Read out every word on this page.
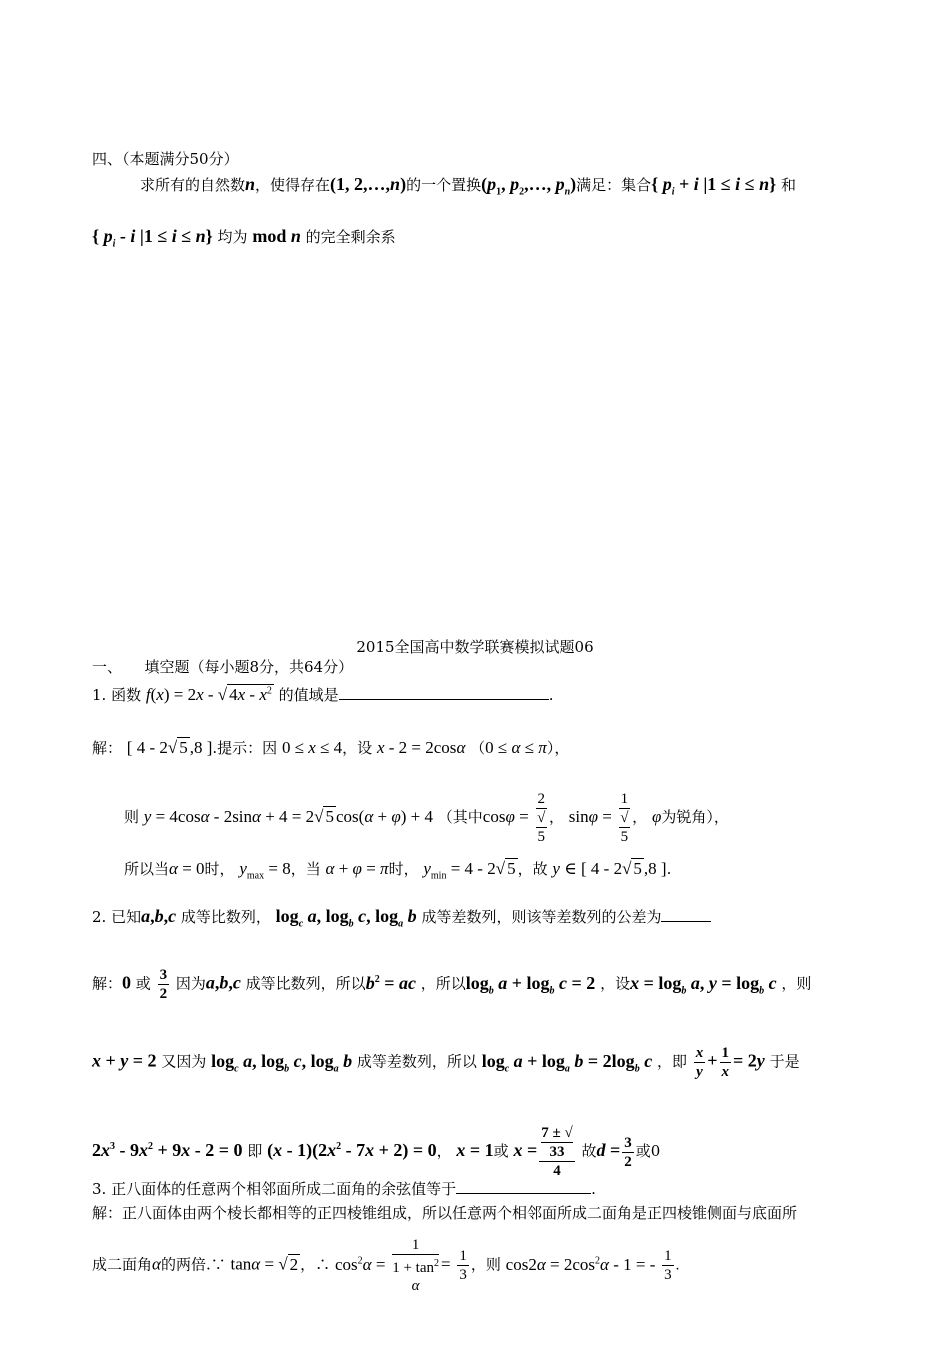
四、（本题满分50分）
求所有的自然数n，使得存在(1, 2,…,n)的一个置换($p_1$, $p_2,\dots$, $p_n$)满足：集合{ $p_i + i$ |1 ≤ i ≤ n} 和
{ $p_i$ - i |1 ≤ i ≤ n} 均为 mod n 的完全剩余系
2015全国高中数学联赛模拟试题06
一、　　填空题（每小题8分，共64分）
1. 函数 f(x) = 2x - √ $4x - x^2$ 的值域是	.
解： [ 4 - 2√ 5 ,8 ].提示：因 0 ≤ x ≤ 4，设 x - 2 = 2cosα （0 ≤ α ≤ π），
则 y = 4cosα - 2sinα + 4 = 2√ 5 cos(α + φ) + 4 （其中cosφ = 2
√
5 ， sinφ = 1
√
5 ， φ为锐角），
所以当α = 0时， $y_{max} = 8$，当 α + φ = π时， $y_{min} = 4 - 2√$ 5 ，故 y ∈ [ 4 - 2√ 5 ,8 ].
2. 已知a,b,c 成等比数列， $\log_c a$, $\log_b c$, $\log_a b$ 成等差数列，则该等差数列的公差为
解：0 或 $\frac{3}{2}$ 因为a,b,c 成等比数列，所以$b^2$ = ac ，所以$\log_b a + \log_b c = 2$ ，设$x = \log_b a$, $y = \log_b c$ ，则
x + y = 2 又因为 $\log_c a$, $\log_b c$, $\log_a b$ 成等差数列，所以 $\log_c a + \log_a b = 2\log_b$ c ，即 $\frac{x}{y} + \frac{1}{x} = 2y$ 于是
$2x^3 - 9x^2 + 9x - 2 = 0$ 即 $(x - 1)(2x^2 - 7x + 2) = 0$， x = 1或 x = 7 ± √
33
4 故$d = \frac{3}{2}$ 或0
3. 正八面体的任意两个相邻面所成二面角的余弦值等于	.
解：正八面体由两个棱长都相等的正四棱锥组成，所以任意两个相邻面所成二面角是正四棱锥侧面与底面所
成二面角α的两倍.∵ tanα = √ 2 ，∴ $\cos^2\alpha = 1$
$1 + \tan^2$
$\alpha = \frac{1}{3}$ ，则 $\cos 2\alpha = 2\cos^2\alpha - 1$ = - $\frac{1}{3}$ .
